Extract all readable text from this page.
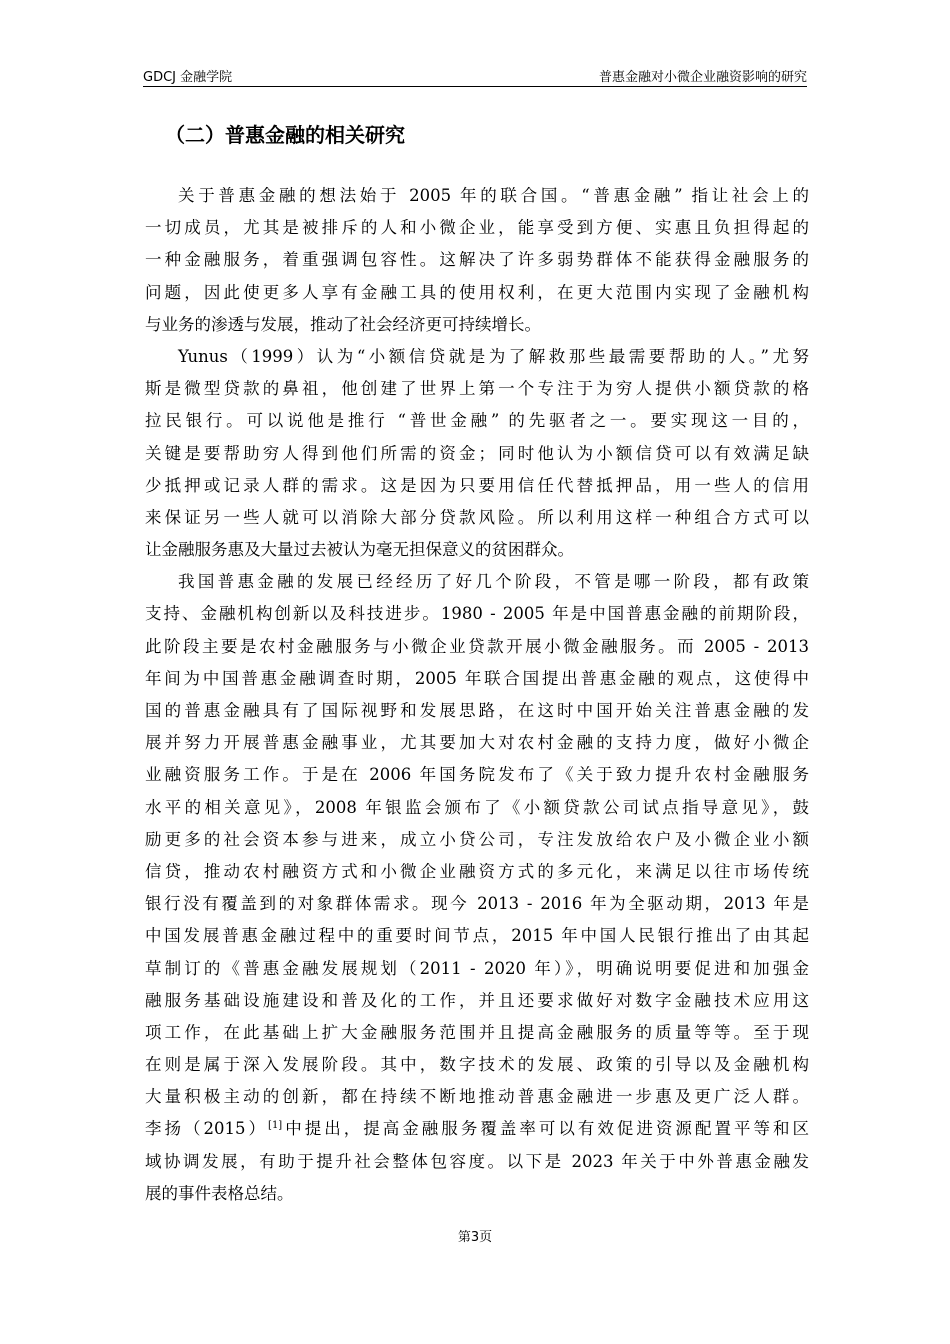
GDCJ 金融学院	普惠金融对小微企业融资影响的研究
（二）普惠金融的相关研究
关于普惠金融的想法始于 2005 年的联合国。“普惠金融” 指让社会上的
一切成员，尤其是被排斥的人和小微企业，能享受到方便、实惠且负担得起的
一种金融服务，着重强调包容性。这解决了许多弱势群体不能获得金融服务的
问题，因此使更多人享有金融工具的使用权利，在更大范围内实现了金融机构
与业务的渗透与发展，推动了社会经济更可持续增长。
Yunus（1999）认为“小额信贷就是为了解救那些最需要帮助的人。”尤努
斯是微型贷款的鼻祖，他创建了世界上第一个专注于为穷人提供小额贷款的格
拉民银行。可以说他是推行 “普世金融” 的先驱者之一。要实现这一目的，
关键是要帮助穷人得到他们所需的资金；同时他认为小额信贷可以有效满足缺
少抵押或记录人群的需求。这是因为只要用信任代替抵押品，用一些人的信用
来保证另一些人就可以消除大部分贷款风险。所以利用这样一种组合方式可以
让金融服务惠及大量过去被认为毫无担保意义的贫困群众。
我国普惠金融的发展已经经历了好几个阶段，不管是哪一阶段，都有政策
支持、金融机构创新以及科技进步。1980 - 2005 年是中国普惠金融的前期阶段，
此阶段主要是农村金融服务与小微企业贷款开展小微金融服务。而 2005 - 2013
年间为中国普惠金融调查时期，2005 年联合国提出普惠金融的观点，这使得中
国的普惠金融具有了国际视野和发展思路，在这时中国开始关注普惠金融的发
展并努力开展普惠金融事业，尤其要加大对农村金融的支持力度，做好小微企
业融资服务工作。于是在 2006 年国务院发布了《关于致力提升农村金融服务
水平的相关意见》，2008 年银监会颁布了《小额贷款公司试点指导意见》，鼓
励更多的社会资本参与进来，成立小贷公司，专注发放给农户及小微企业小额
信贷，推动农村融资方式和小微企业融资方式的多元化，来满足以往市场传统
银行没有覆盖到的对象群体需求。现今 2013 - 2016 年为全驱动期，2013 年是
中国发展普惠金融过程中的重要时间节点，2015 年中国人民银行推出了由其起
草制订的《普惠金融发展规划（2011 - 2020 年）》，明确说明要促进和加强金
融服务基础设施建设和普及化的工作，并且还要求做好对数字金融技术应用这
项工作，在此基础上扩大金融服务范围并且提高金融服务的质量等等。至于现
在则是属于深入发展阶段。其中，数字技术的发展、政策的引导以及金融机构
大量积极主动的创新，都在持续不断地推动普惠金融进一步惠及更广泛人群。
李扬（2015）[1]中提出，提高金融服务覆盖率可以有效促进资源配置平等和区
域协调发展，有助于提升社会整体包容度。以下是 2023 年关于中外普惠金融发
展的事件表格总结。
第3页
